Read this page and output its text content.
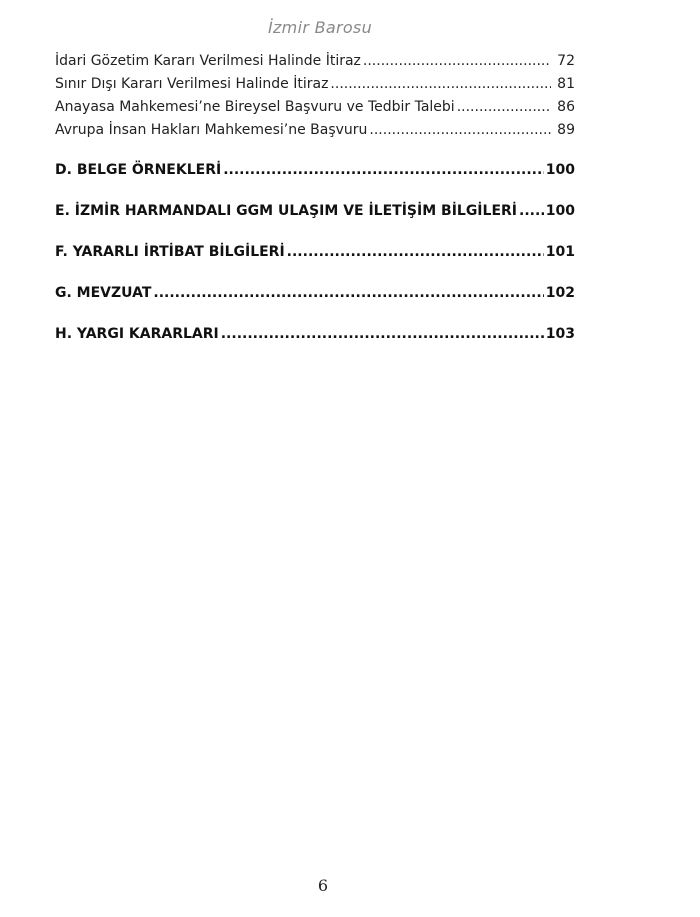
İzmir Barosu
İdari Gözetim Kararı Verilmesi Halinde İtiraz .....	72
Sınır Dışı Kararı Verilmesi Halinde İtiraz .....	81
Anayasa Mahkemesi’ne Bireysel Başvuru ve Tedbir Talebi .....	86
Avrupa İnsan Hakları Mahkemesi’ne Başvuru .....	89
D. BELGE ÖRNEKLERİ .....	100
E. İZMİR HARMANDALI GGM ULAŞIM VE İLETİŞİM BİLGİLERİ ..... 100
F. YARARLI İRTİBAT BİLGİLERİ .....	101
G. MEVZUAT .....	102
H. YARGI KARARLARI .....	103
6
